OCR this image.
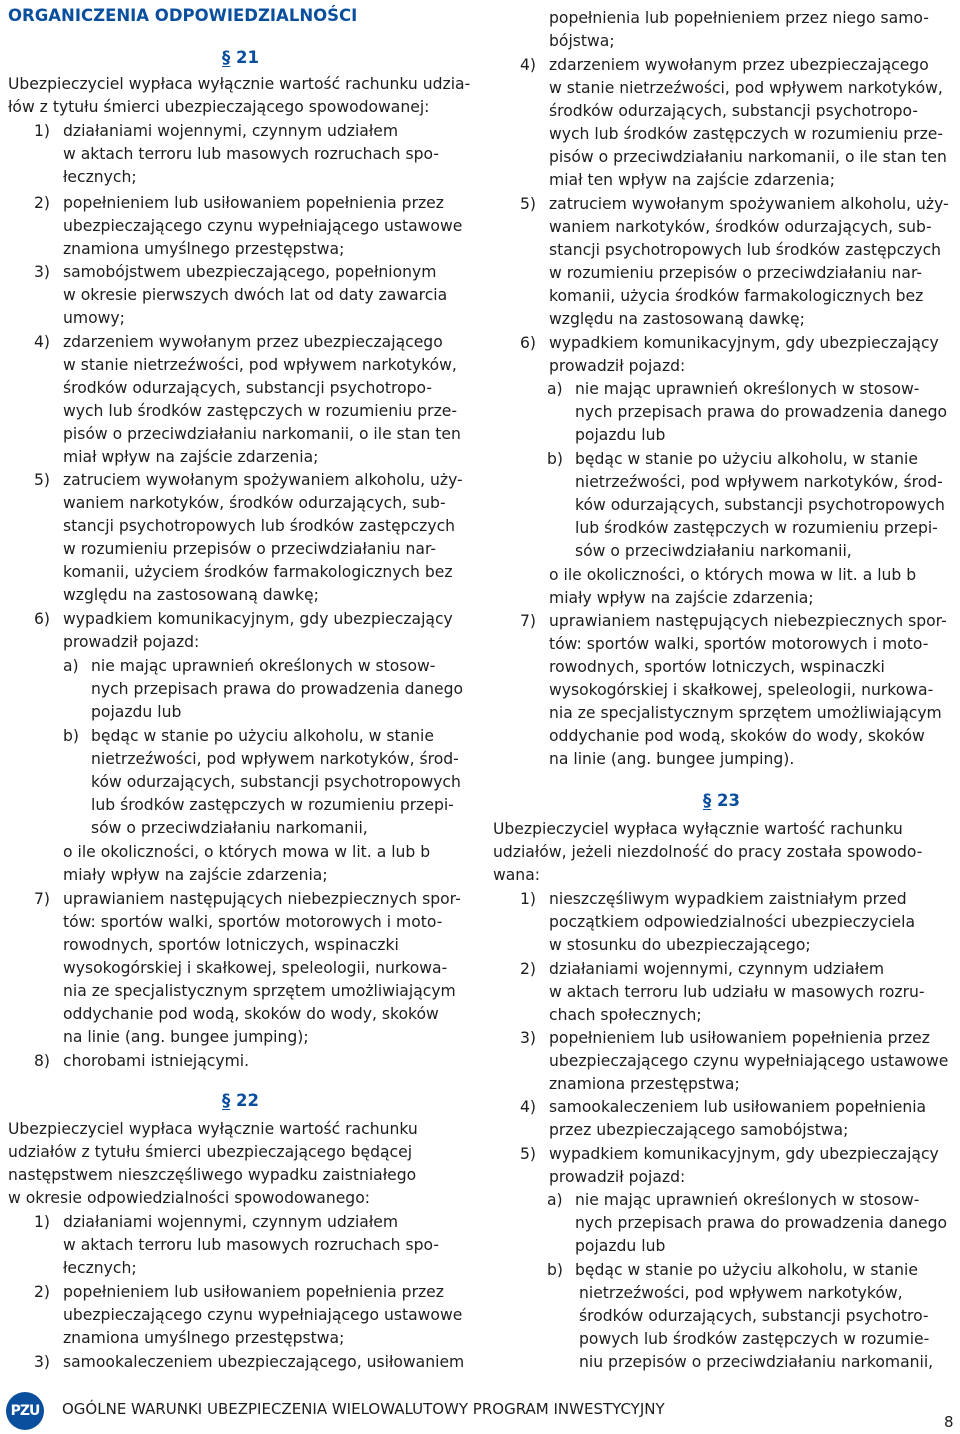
ORGANICZENIA ODPOWIEDZIALNOŚCI
§ 21
Ubezpieczyciel wypłaca wyłącznie wartość rachunku udzia-
łów z tytułu śmierci ubezpieczającego spowodowanej:
1) działaniami wojennymi, czynnym udziałem
w aktach terroru lub masowych rozruchach spo-
łecznych;
2) popełnieniem lub usiłowaniem popełnienia przez
ubezpieczającego czynu wypełniającego ustawowe
znamiona umyślnego przestępstwa;
3) samobójstwem ubezpieczającego, popełnionym
w okresie pierwszych dwóch lat od daty zawarcia
umowy;
4) zdarzeniem wywołanym przez ubezpieczającego
w stanie nietrzeźwości, pod wpływem narkotyków,
środków odurzających, substancji psychotropo-
wych lub środków zastępczych w rozumieniu prze-
pisów o przeciwdziałaniu narkomanii, o ile stan ten
miał wpływ na zajście zdarzenia;
5) zatruciem wywołanym spożywaniem alkoholu, uży-
waniem narkotyków, środków odurzających, sub-
stancji psychotropowych lub środków zastępczych
w rozumieniu przepisów o przeciwdziałaniu nar-
komanii, użyciem środków farmakologicznych bez
względu na zastosowaną dawkę;
6) wypadkiem komunikacyjnym, gdy ubezpieczający
prowadził pojazd:
a) nie mając uprawnień określonych w stosow-
nych przepisach prawa do prowadzenia danego
pojazdu lub
b) będąc w stanie po użyciu alkoholu, w stanie
nietrzeźwości, pod wpływem narkotyków, środ-
ków odurzających, substancji psychotropowych
lub środków zastępczych w rozumieniu przepi-
sów o przeciwdziałaniu narkomanii,
o ile okoliczności, o których mowa w lit. a lub b
miały wpływ na zajście zdarzenia;
7) uprawianiem następujących niebezpiecznych spor-
tów: sportów walki, sportów motorowych i moto-
rowodnych, sportów lotniczych, wspinaczki
wysokogórskiej i skałkowej, speleologii, nurkowa-
nia ze specjalistycznym sprzętem umożliwiającym
oddychanie pod wodą, skoków do wody, skoków
na linie (ang. bungee jumping);
8) chorobami istniejącymi.
§ 22
Ubezpieczyciel wypłaca wyłącznie wartość rachunku
udziałów z tytułu śmierci ubezpieczającego będącej
następstwem nieszczęśliwego wypadku zaistniałego
w okresie odpowiedzialności spowodowanego:
1) działaniami wojennymi, czynnym udziałem
w aktach terroru lub masowych rozruchach spo-
łecznych;
2) popełnieniem lub usiłowaniem popełnienia przez
ubezpieczającego czynu wypełniającego ustawowe
znamiona umyślnego przestępstwa;
3) samookaleczeniem ubezpieczającego, usiłowaniem
popełnienia lub popełnieniem przez niego samo-
bójstwa;
4) zdarzeniem wywołanym przez ubezpieczającego
w stanie nietrzeźwości, pod wpływem narkotyków,
środków odurzających, substancji psychotropo-
wych lub środków zastępczych w rozumieniu prze-
pisów o przeciwdziałaniu narkomanii, o ile stan ten
miał ten wpływ na zajście zdarzenia;
5) zatruciem wywołanym spożywaniem alkoholu, uży-
waniem narkotyków, środków odurzających, sub-
stancji psychotropowych lub środków zastępczych
w rozumieniu przepisów o przeciwdziałaniu nar-
komanii, użycia środków farmakologicznych bez
względu na zastosowaną dawkę;
6) wypadkiem komunikacyjnym, gdy ubezpieczający
prowadził pojazd:
a) nie mając uprawnień określonych w stosow-
nych przepisach prawa do prowadzenia danego
pojazdu lub
b) będąc w stanie po użyciu alkoholu, w stanie
nietrzeźwości, pod wpływem narkotyków, środ-
ków odurzających, substancji psychotropowych
lub środków zastępczych w rozumieniu przepi-
sów o przeciwdziałaniu narkomanii,
o ile okoliczności, o których mowa w lit. a lub b
miały wpływ na zajście zdarzenia;
7) uprawianiem następujących niebezpiecznych spor-
tów: sportów walki, sportów motorowych i moto-
rowodnych, sportów lotniczych, wspinaczki
wysokogórskiej i skałkowej, speleologii, nurkowa-
nia ze specjalistycznym sprzętem umożliwiającym
oddychanie pod wodą, skoków do wody, skoków
na linie (ang. bungee jumping).
§ 23
Ubezpieczyciel wypłaca wyłącznie wartość rachunku
udziałów, jeżeli niezdolność do pracy została spowodo-
wana:
1) nieszczęśliwym wypadkiem zaistniałym przed
początkiem odpowiedzialności ubezpieczyciela
w stosunku do ubezpieczającego;
2) działaniami wojennymi, czynnym udziałem
w aktach terroru lub udziału w masowych rozru-
chach społecznych;
3) popełnieniem lub usiłowaniem popełnienia przez
ubezpieczającego czynu wypełniającego ustawowe
znamiona przestępstwa;
4) samookaleczeniem lub usiłowaniem popełnienia
przez ubezpieczającego samobójstwa;
5) wypadkiem komunikacyjnym, gdy ubezpieczający
prowadził pojazd:
a) nie mając uprawnień określonych w stosow-
nych przepisach prawa do prowadzenia danego
pojazdu lub
b) będąc w stanie po użyciu alkoholu, w stanie
nietrzeźwości, pod wpływem narkotyków,
środków odurzających, substancji psychotro-
powych lub środków zastępczych w rozumie-
niu przepisów o przeciwdziałaniu narkomanii,
PZU	OGÓLNE WARUNKI UBEZPIECZENIA WIELOWALUTOWY PROGRAM INWESTYCYJNY
8
